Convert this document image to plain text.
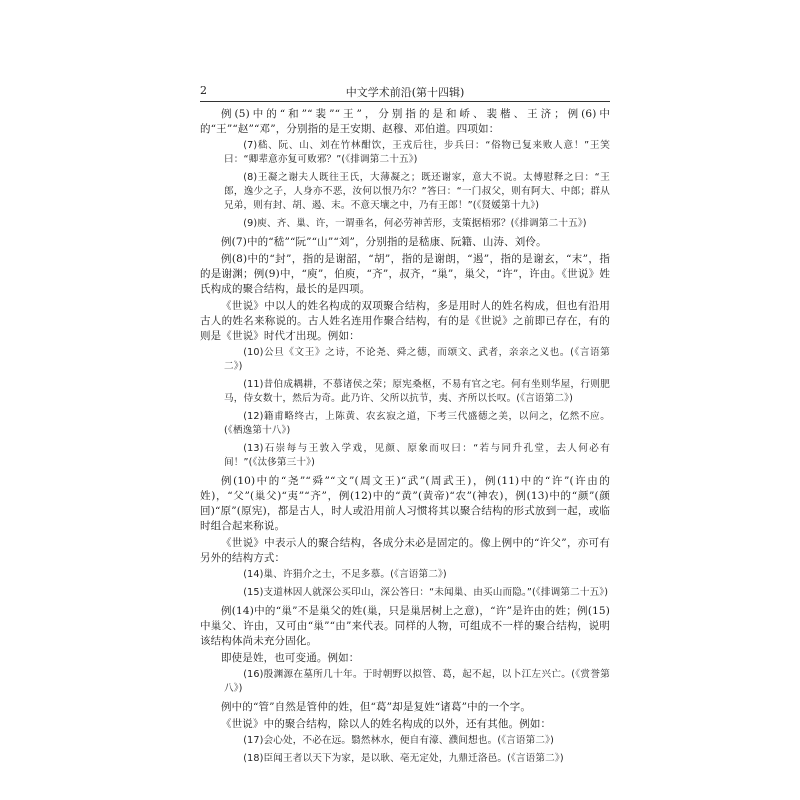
2	中文学术前沿(第十四辑)

例(5)中的“和”“裴”“王”，分别指的是和峤、裴楷、王济；例(6)中的“王”“赵”“邓”，分别指的是王安期、赵穆、邓伯道。四项如：

(7)嵇、阮、山、刘在竹林酣饮，王戎后往，步兵曰：“俗物已复来败人意！”王笑曰：“卿辈意亦复可败邪？”(《排调第二十五》)

(8)王凝之谢夫人既往王氏，大薄凝之；既还谢家，意大不说。太傅慰释之曰：“王郎，逸少之子，人身亦不恶，汝何以恨乃尔？”答曰：“一门叔父，则有阿大、中郎；群从兄弟，则有封、胡、遏、末。不意天壤之中，乃有王郎！”(《贤媛第十九》)

(9)庾、齐、巢、许，一谓垂名，何必劳神苦形，支策据梧邪？(《排调第二十五》)

例(7)中的“嵇”“阮”“山”“刘”，分别指的是嵇康、阮籍、山涛、刘伶。

例(8)中的“封”，指的是谢韶，“胡”，指的是谢朗，“遏”，指的是谢玄，“末”，指的是谢渊；例(9)中，“庾”，伯庾，“齐”，叔齐，“巢”，巢父，“许”，许由。《世说》姓氏构成的聚合结构，最长的是四项。

《世说》中以人的姓名构成的双项聚合结构，多是用时人的姓名构成，但也有沿用古人的姓名来称说的。古人姓名连用作聚合结构，有的是《世说》之前即已存在，有的则是《世说》时代才出现。例如：

(10)公旦《文王》之诗，不论尧、舜之德，而颂文、武者，亲亲之义也。(《言语第二》)

(11)昔伯成耦耕，不慕诸侯之荣；原宪桑枢，不易有官之宅。何有坐则华屋，行则肥马，侍女数十，然后为奇。此乃许、父所以抗节，夷、齐所以长叹。(《言语第二》)

(12)籍甫略终古，上陈黄、农玄寂之道，下考三代盛德之美，以问之，亿然不应。(《栖逸第十八》)

(13)石崇每与王敦入学戏，见颜、原象而叹曰：“若与同升孔堂，去人何必有间！”(《汰侈第三十》)

例(10)中的“尧”“舜”“文”(周文王)“武”(周武王)，例(11)中的“许”(许由的姓)，“父”(巢父)“夷”“齐”，例(12)中的“黄”(黄帝)“农”(神农)，例(13)中的“颜”(颜回)“原”(原宪)，都是古人，时人或沿用前人习惯将其以聚合结构的形式放到一起，或临时组合起来称说。

《世说》中表示人的聚合结构，各成分未必是固定的。像上例中的“许父”，亦可有另外的结构方式：

(14)巢、许狷介之士，不足多慕。(《言语第二》)

(15)支道林因人就深公买印山，深公答曰：“未闻巢、由买山而隐。”(《排调第二十五》)

例(14)中的“巢”不是巢父的姓(巢，只是巢居树上之意)，“许”是许由的姓；例(15)中巢父、许由，又可由“巢”“由”来代表。同样的人物，可组成不一样的聚合结构，说明该结构体尚未充分固化。

即使是姓，也可变通。例如：

(16)殷渊源在墓所几十年。于时朝野以拟管、葛，起不起，以卜江左兴亡。(《赏誉第八》)

例中的“管”自然是管仲的姓，但“葛”却是复姓“诸葛”中的一个字。

《世说》中的聚合结构，除以人的姓名构成的以外，还有其他。例如：

(17)会心处，不必在远。翳然林水，便自有濠、濮间想也。(《言语第二》)

(18)臣闻王者以天下为家，是以耿、亳无定处，九鼎迁洛邑。(《言语第二》)
